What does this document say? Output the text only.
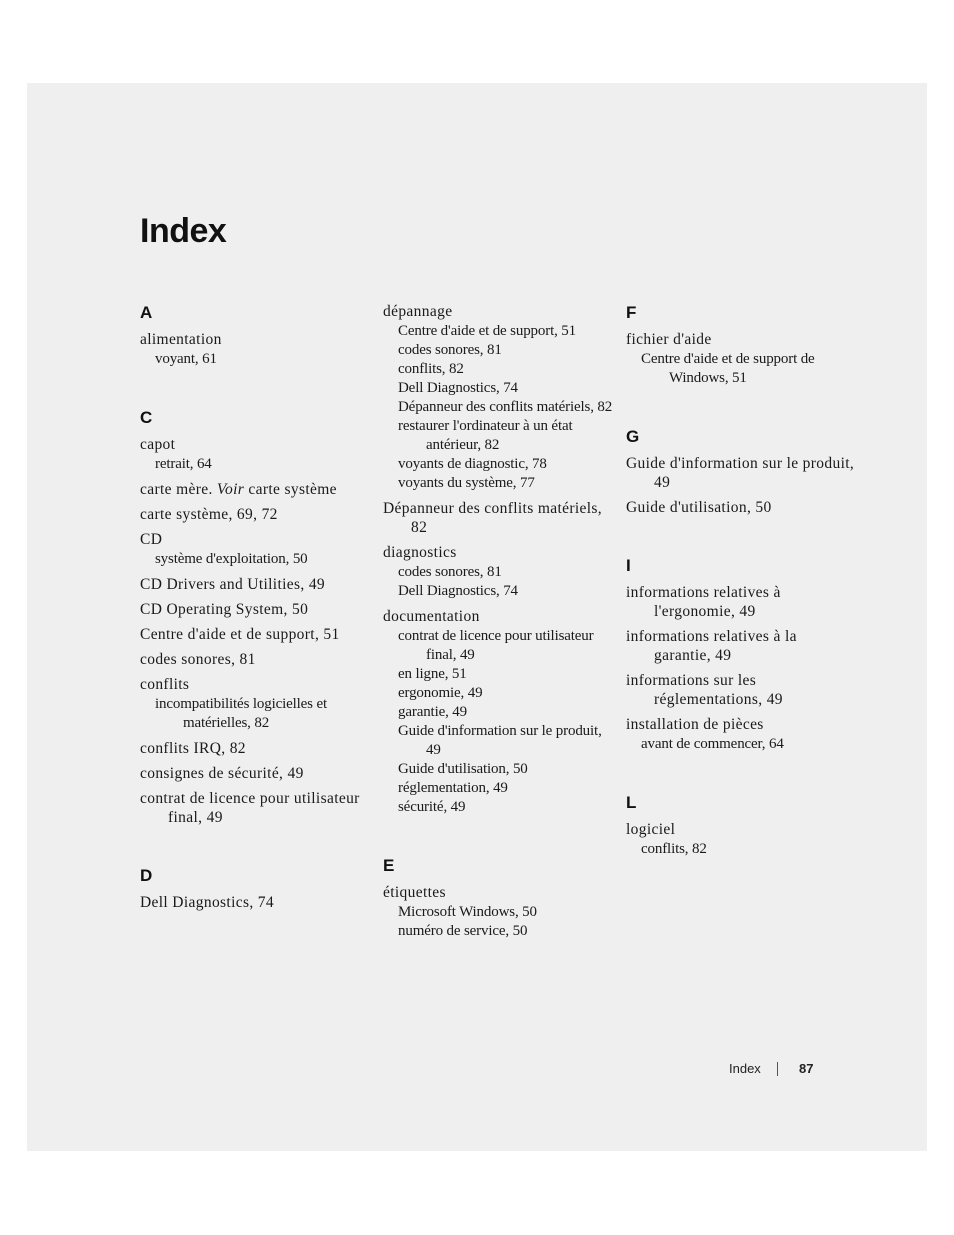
Index
A
alimentation
voyant, 61
C
capot
retrait, 64
carte mère. Voir carte système
carte système, 69, 72
CD
système d'exploitation, 50
CD Drivers and Utilities, 49
CD Operating System, 50
Centre d'aide et de support, 51
codes sonores, 81
conflits
incompatibilités logicielles et matérielles, 82
conflits IRQ, 82
consignes de sécurité, 49
contrat de licence pour utilisateur final, 49
D
Dell Diagnostics, 74
dépannage
Centre d'aide et de support, 51
codes sonores, 81
conflits, 82
Dell Diagnostics, 74
Dépanneur des conflits matériels, 82
restaurer l'ordinateur à un état antérieur, 82
voyants de diagnostic, 78
voyants du système, 77
Dépanneur des conflits matériels, 82
diagnostics
codes sonores, 81
Dell Diagnostics, 74
documentation
contrat de licence pour utilisateur final, 49
en ligne, 51
ergonomie, 49
garantie, 49
Guide d'information sur le produit, 49
Guide d'utilisation, 50
réglementation, 49
sécurité, 49
E
étiquettes
Microsoft Windows, 50
numéro de service, 50
F
fichier d'aide
Centre d'aide et de support de Windows, 51
G
Guide d'information sur le produit, 49
Guide d'utilisation, 50
I
informations relatives à l'ergonomie, 49
informations relatives à la garantie, 49
informations sur les réglementations, 49
installation de pièces
avant de commencer, 64
L
logiciel
conflits, 82
Index	87
